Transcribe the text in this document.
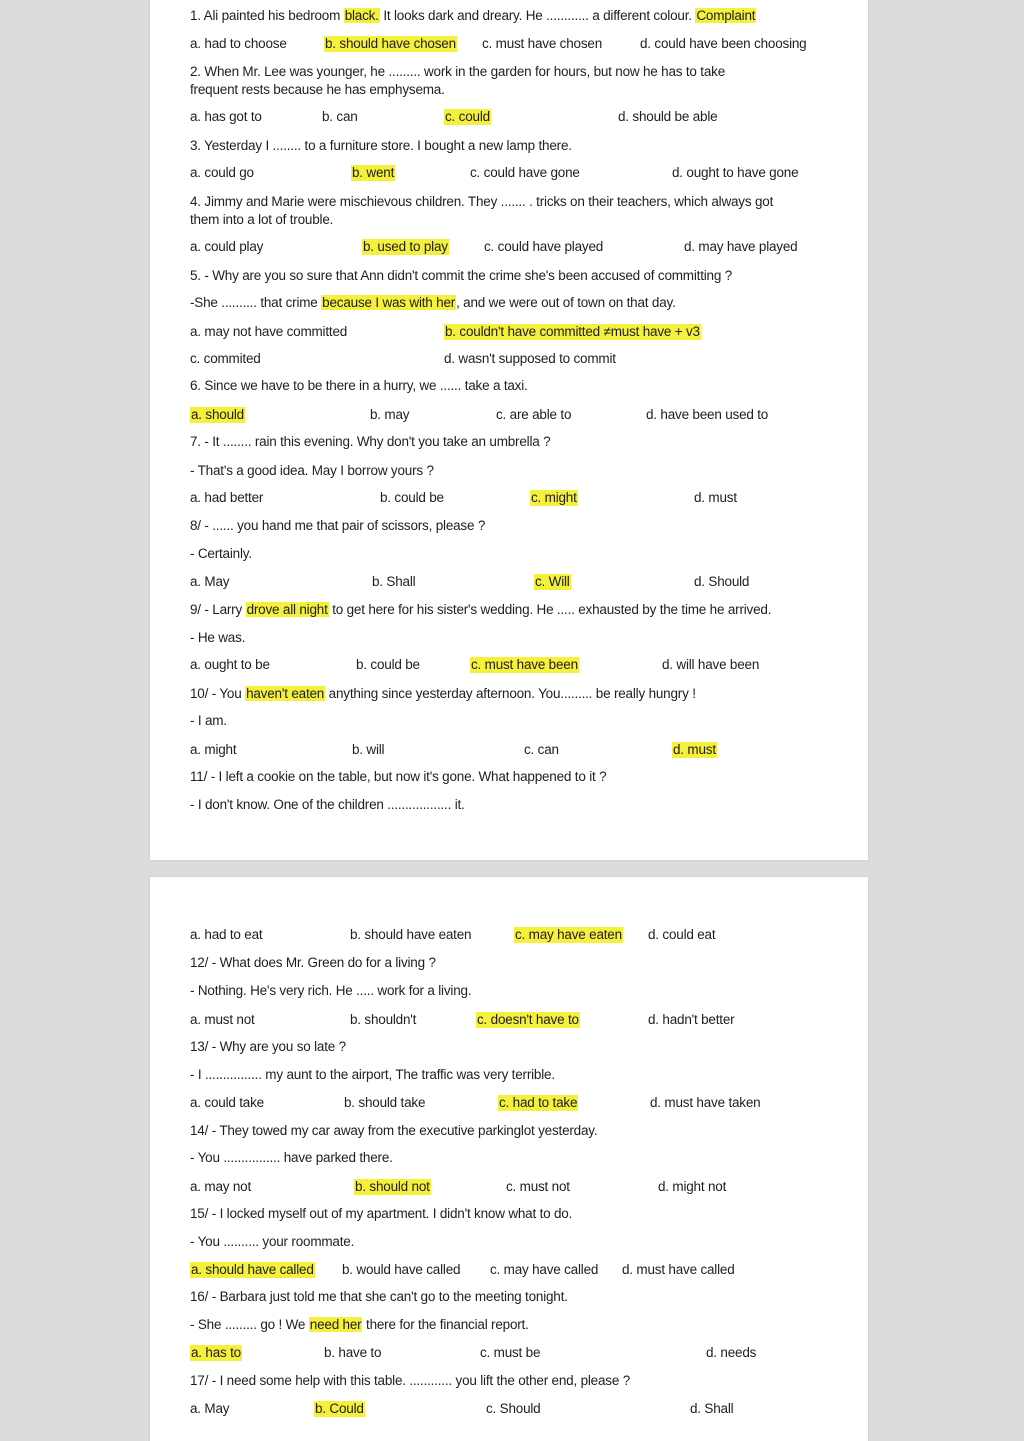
1. Ali painted his bedroom black. It looks dark and dreary. He ............ a different colour. Complaint
a. had to choose	b. should have chosen c. must have chosen	d. could have been choosing
2. When Mr. Lee was younger, he ......... work in the garden for hours, but now he has to take
frequent rests because he has emphysema.
a. has got to	b. can	c. could	d. should be able
3. Yesterday I ........ to a furniture store. I bought a new lamp there.
a. could go	b. went	c. could have gone	d. ought to have gone
4. Jimmy and Marie were mischievous children. They ....... . tricks on their teachers, which always got
them into a lot of trouble.
a. could play	b. used to play	c. could have played	d. may have played
5. - Why are you so sure that Ann didn't commit the crime she's been accused of committing ?
-She .......... that crime because I was with her, and we were out of town on that day.
a. may not have committed	b. couldn't have committed ≠must have + v3
c. commited	d. wasn't supposed to commit
6. Since we have to be there in a hurry, we ...... take a taxi.
a. should	b. may	c. are able to	d. have been used to
7. - It ........ rain this evening. Why don't you take an umbrella ?
- That's a good idea. May I borrow yours ?
a. had better	b. could be	c. might	d. must
8/ - ...... you hand me that pair of scissors, please ?
- Certainly.
a. May	b. Shall	c. Will	d. Should
9/ - Larry drove all night to get here for his sister's wedding. He ..... exhausted by the time he arrived.
- He was.
a. ought to be	b. could be	c. must have been	d. will have been
10/ - You haven't eaten anything since yesterday afternoon. You......... be really hungry !
- I am.
a. might	b. will	c. can	d. must
11/ - I left a cookie on the table, but now it's gone. What happened to it ?
- I don't know. One of the children .................. it.
a. had to eat	b. should have eaten	c. may have eaten d. could eat
12/ - What does Mr. Green do for a living ?
- Nothing. He's very rich. He ..... work for a living.
a. must not	b. shouldn't	c. doesn't have to	d. hadn't better
13/ - Why are you so late ?
- I ................ my aunt to the airport, The traffic was very terrible.
a. could take	b. should take	c. had to take	d. must have taken
14/ - They towed my car away from the executive parkinglot yesterday.
- You ................ have parked there.
a. may not	b. should not	c. must not	d. might not
15/ - I locked myself out of my apartment. I didn't know what to do.
- You .......... your roommate.
a. should have called b. would have called c. may have called d. must have called
16/ - Barbara just told me that she can't go to the meeting tonight.
- She ......... go ! We need her there for the financial report.
a. has to	b. have to	c. must be	d. needs
17/ - I need some help with this table. ............ you lift the other end, please ?
a. May	b. Could	c. Should	d. Shall
